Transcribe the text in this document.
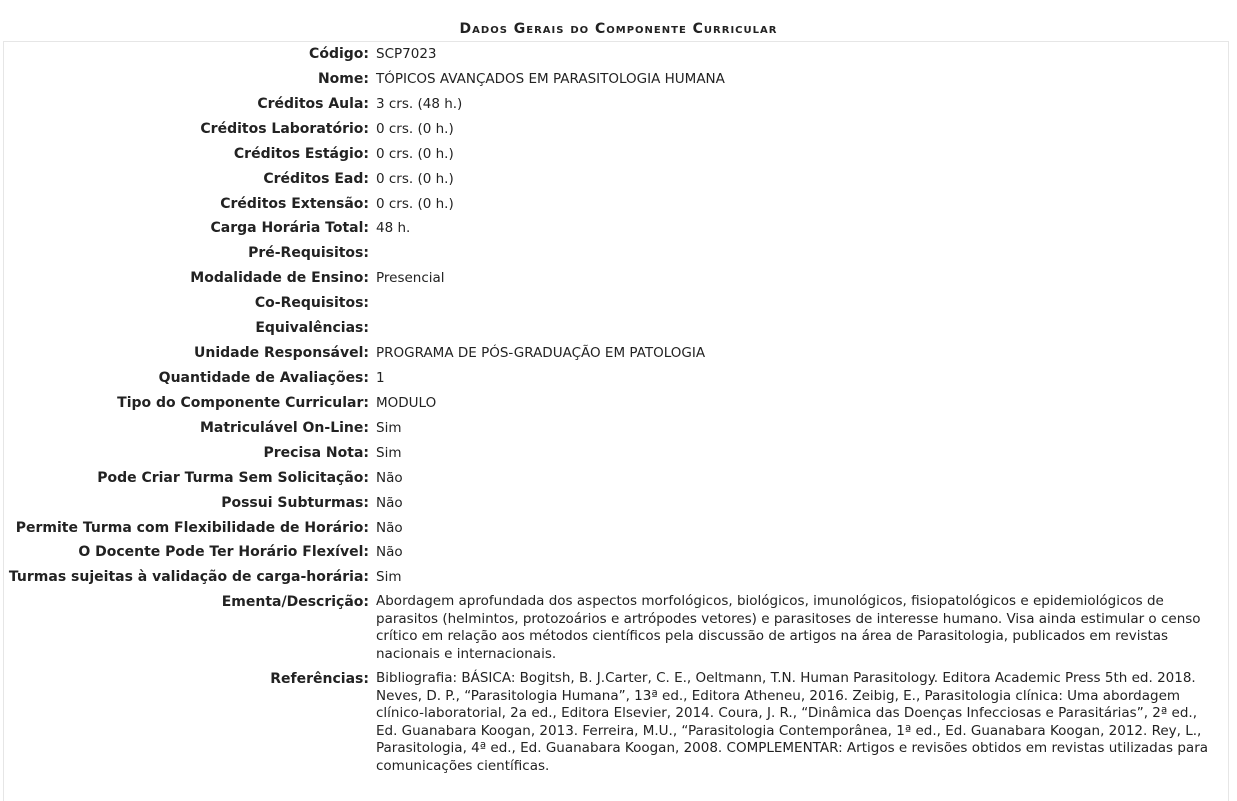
Dados Gerais do Componente Curricular
Código: SCP7023
Nome: TÓPICOS AVANÇADOS EM PARASITOLOGIA HUMANA
Créditos Aula: 3 crs. (48 h.)
Créditos Laboratório: 0 crs. (0 h.)
Créditos Estágio: 0 crs. (0 h.)
Créditos Ead: 0 crs. (0 h.)
Créditos Extensão: 0 crs. (0 h.)
Carga Horária Total: 48 h.
Pré-Requisitos:
Modalidade de Ensino: Presencial
Co-Requisitos:
Equivalências:
Unidade Responsável: PROGRAMA DE PÓS-GRADUAÇÃO EM PATOLOGIA
Quantidade de Avaliações: 1
Tipo do Componente Curricular: MODULO
Matriculável On-Line: Sim
Precisa Nota: Sim
Pode Criar Turma Sem Solicitação: Não
Possui Subturmas: Não
Permite Turma com Flexibilidade de Horário: Não
O Docente Pode Ter Horário Flexível: Não
Turmas sujeitas à validação de carga-horária: Sim
Ementa/Descrição: Abordagem aprofundada dos aspectos morfológicos, biológicos, imunológicos, fisiopatológicos e epidemiológicos de parasitos (helmintos, protozoários e artrópodes vetores) e parasitoses de interesse humano. Visa ainda estimular o censo crítico em relação aos métodos científicos pela discussão de artigos na área de Parasitologia, publicados em revistas nacionais e internacionais.
Referências: Bibliografia: BÁSICA: Bogitsh, B. J.Carter, C. E., Oeltmann, T.N. Human Parasitology. Editora Academic Press 5th ed. 2018. Neves, D. P., “Parasitologia Humana”, 13ª ed., Editora Atheneu, 2016. Zeibig, E., Parasitologia clínica: Uma abordagem clínico-laboratorial, 2a ed., Editora Elsevier, 2014. Coura, J. R., “Dinâmica das Doenças Infecciosas e Parasitárias”, 2ª ed., Ed. Guanabara Koogan, 2013. Ferreira, M.U., “Parasitologia Contemporânea, 1ª ed., Ed. Guanabara Koogan, 2012. Rey, L., Parasitologia, 4ª ed., Ed. Guanabara Koogan, 2008. COMPLEMENTAR: Artigos e revisões obtidos em revistas utilizadas para comunicações científicas.
